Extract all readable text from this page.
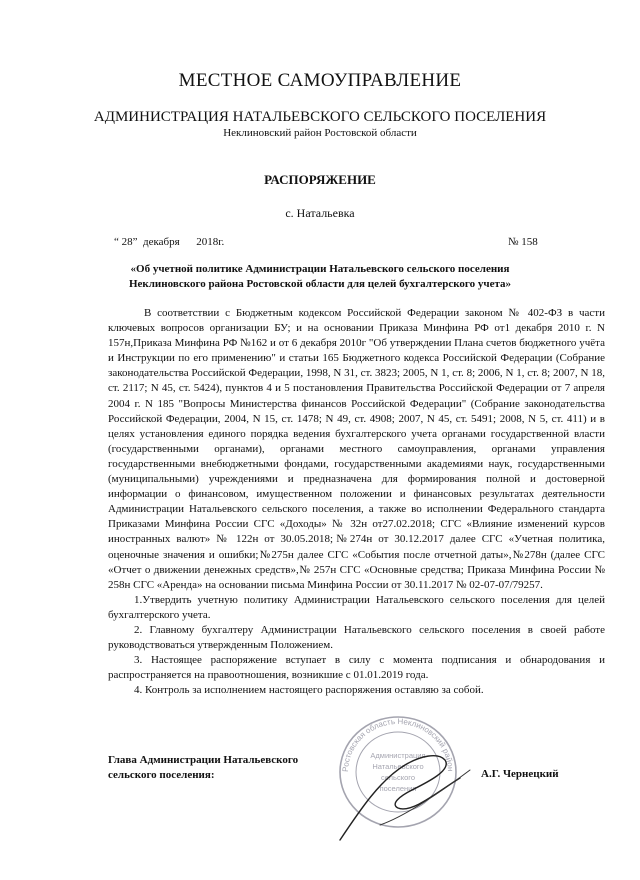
МЕСТНОЕ САМОУПРАВЛЕНИЕ
АДМИНИСТРАЦИЯ НАТАЛЬЕВСКОГО СЕЛЬСКОГО ПОСЕЛЕНИЯ
Неклиновский район Ростовской области
РАСПОРЯЖЕНИЕ
с. Натальевка
“ 28”  декабря      2018г.	№ 158
«Об учетной политике Администрации Натальевского сельского поселения
Неклиновского района Ростовской области для целей бухгалтерского учета»

В соответствии с Бюджетным кодексом Российской Федерации законом № 402-ФЗ в части ключевых вопросов организации БУ; и на основании Приказа Минфина РФ от1 декабря 2010 г. N 157н,Приказа Минфина РФ №162 и от 6 декабря 2010г "Об утверждении Плана счетов бюджетного учёта и Инструкции по его применению" и статьи 165 Бюджетного кодекса Российской Федерации (Собрание законодательства Российской Федерации, 1998, N 31, ст. 3823; 2005, N 1, ст. 8; 2006, N 1, ст. 8; 2007, N 18, ст. 2117; N 45, ст. 5424), пунктов 4 и 5 постановления Правительства Российской Федерации от 7 апреля 2004 г. N 185 "Вопросы Министерства финансов Российской Федерации" (Собрание законодательства Российской Федерации, 2004, N 15, ст. 1478; N 49, ст. 4908; 2007, N 45, ст. 5491; 2008, N 5, ст. 411) и в целях установления единого порядка ведения бухгалтерского учета органами государственной власти (государственными органами), органами местного самоуправления, органами управления государственными внебюджетными фондами, государственными академиями наук, государственными (муниципальными) учреждениями и предназначена для формирования полной и достоверной информации о финансовом, имущественном положении и финансовых результатах деятельности Администрации Натальевского сельского поселения, а также во исполнении Федерального стандарта Приказами Минфина России СГС «Доходы» № 32н от27.02.2018; СГС «Влияние изменений курсов иностранных валют» № 122н от 30.05.2018;№274н от 30.12.2017 далее СГС «Учетная политика, оценочные значения и ошибки;№275н далее СГС «События после отчетной даты»,№278н (далее СГС «Отчет о движении денежных средств»,№ 257н СГС «Основные средства; Приказа Минфина России № 258н СГС «Аренда» на основании письма Минфина России от 30.11.2017 № 02-07-07/79257.

1.Утвердить учетную политику Администрации Натальевского сельского поселения для целей бухгалтерского учета.

2. Главному бухгалтеру Администрации Натальевского сельского поселения в своей работе руководствоваться утвержденным Положением.

3. Настоящее распоряжение вступает в силу с момента подписания и обнародования и распространяется на правоотношения, возникшие с 01.01.2019 года.

4. Контроль за исполнением настоящего распоряжения оставляю за собой.

Ростовская область Неклиновский район
Администрация
Натальевского
сельского
поселения
Глава Администрации Натальевского
сельского поселения:	А.Г. Чернецкий
